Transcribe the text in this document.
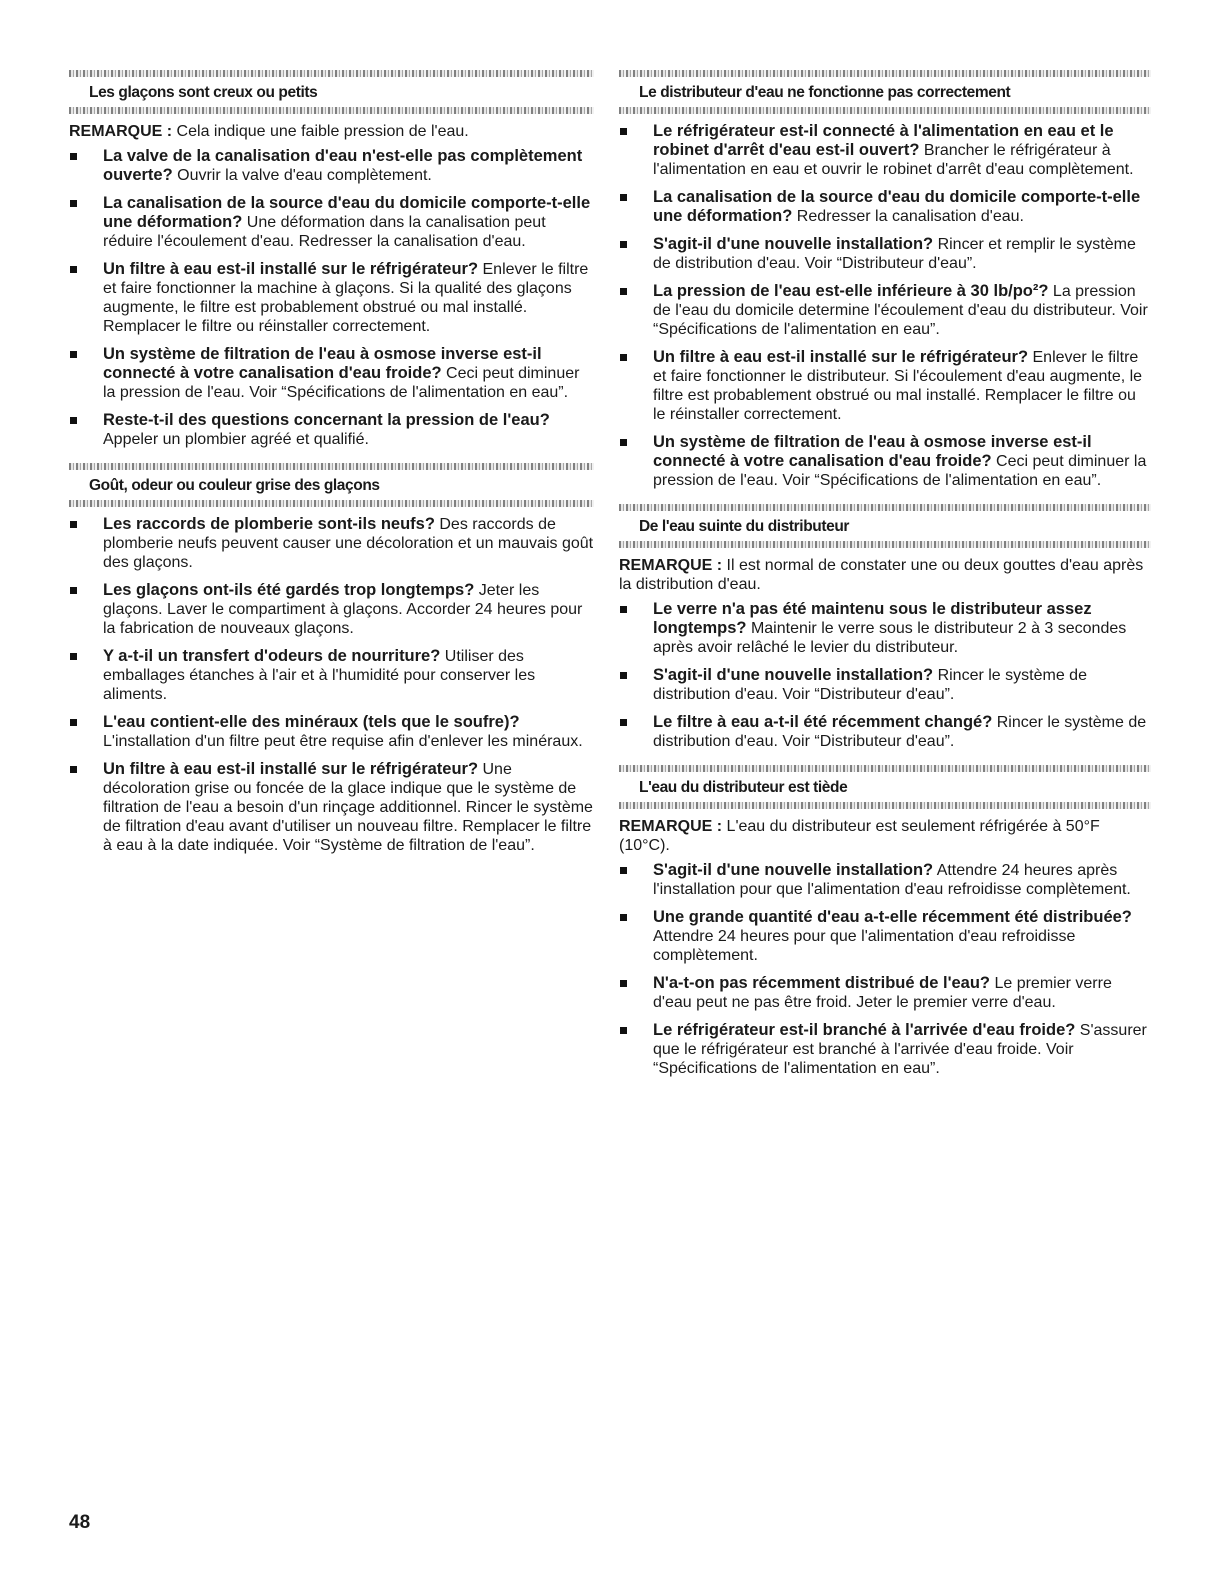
Les glaçons sont creux ou petits

REMARQUE : Cela indique une faible pression de l'eau.

La valve de la canalisation d'eau n'est-elle pas complètement ouverte? Ouvrir la valve d'eau complètement.
La canalisation de la source d'eau du domicile comporte-t-elle une déformation? Une déformation dans la canalisation peut réduire l'écoulement d'eau. Redresser la canalisation d'eau.
Un filtre à eau est-il installé sur le réfrigérateur? Enlever le filtre et faire fonctionner la machine à glaçons. Si la qualité des glaçons augmente, le filtre est probablement obstrué ou mal installé. Remplacer le filtre ou réinstaller correctement.
Un système de filtration de l'eau à osmose inverse est-il connecté à votre canalisation d'eau froide? Ceci peut diminuer la pression de l'eau. Voir “Spécifications de l'alimentation en eau”.
Reste-t-il des questions concernant la pression de l'eau? Appeler un plombier agréé et qualifié.
Goût, odeur ou couleur grise des glaçons
Les raccords de plomberie sont-ils neufs? Des raccords de plomberie neufs peuvent causer une décoloration et un mauvais goût des glaçons.
Les glaçons ont-ils été gardés trop longtemps? Jeter les glaçons. Laver le compartiment à glaçons. Accorder 24 heures pour la fabrication de nouveaux glaçons.
Y a-t-il un transfert d'odeurs de nourriture? Utiliser des emballages étanches à l'air et à l'humidité pour conserver les aliments.
L'eau contient-elle des minéraux (tels que le soufre)? L'installation d'un filtre peut être requise afin d'enlever les minéraux.
Un filtre à eau est-il installé sur le réfrigérateur? Une décoloration grise ou foncée de la glace indique que le système de filtration de l'eau a besoin d'un rinçage additionnel. Rincer le système de filtration d'eau avant d'utiliser un nouveau filtre. Remplacer le filtre à eau à la date indiquée. Voir “Système de filtration de l'eau”.
Le distributeur d'eau ne fonctionne pas correctement
Le réfrigérateur est-il connecté à l'alimentation en eau et le robinet d'arrêt d'eau est-il ouvert? Brancher le réfrigérateur à l'alimentation en eau et ouvrir le robinet d'arrêt d'eau complètement.
La canalisation de la source d'eau du domicile comporte-t-elle une déformation? Redresser la canalisation d'eau.
S'agit-il d'une nouvelle installation? Rincer et remplir le système de distribution d'eau. Voir “Distributeur d'eau”.
La pression de l'eau est-elle inférieure à 30 lb/po²? La pression de l'eau du domicile determine l'écoulement d'eau du distributeur. Voir “Spécifications de l'alimentation en eau”.
Un filtre à eau est-il installé sur le réfrigérateur? Enlever le filtre et faire fonctionner le distributeur. Si l'écoulement d'eau augmente, le filtre est probablement obstrué ou mal installé. Remplacer le filtre ou le réinstaller correctement.
Un système de filtration de l'eau à osmose inverse est-il connecté à votre canalisation d'eau froide? Ceci peut diminuer la pression de l'eau. Voir “Spécifications de l'alimentation en eau”.
De l'eau suinte du distributeur

REMARQUE : Il est normal de constater une ou deux gouttes d'eau après la distribution d'eau.

Le verre n'a pas été maintenu sous le distributeur assez longtemps? Maintenir le verre sous le distributeur 2 à 3 secondes après avoir relâché le levier du distributeur.
S'agit-il d'une nouvelle installation? Rincer le système de distribution d'eau. Voir “Distributeur d'eau”.
Le filtre à eau a-t-il été récemment changé? Rincer le système de distribution d'eau. Voir “Distributeur d'eau”.
L'eau du distributeur est tiède

REMARQUE : L'eau du distributeur est seulement réfrigérée à 50°F (10°C).

S'agit-il d'une nouvelle installation? Attendre 24 heures après l'installation pour que l'alimentation d'eau refroidisse complètement.
Une grande quantité d'eau a-t-elle récemment été distribuée? Attendre 24 heures pour que l'alimentation d'eau refroidisse complètement.
N'a-t-on pas récemment distribué de l'eau? Le premier verre d'eau peut ne pas être froid. Jeter le premier verre d'eau.
Le réfrigérateur est-il branché à l'arrivée d'eau froide? S'assurer que le réfrigérateur est branché à l'arrivée d'eau froide. Voir “Spécifications de l'alimentation en eau”.
48
